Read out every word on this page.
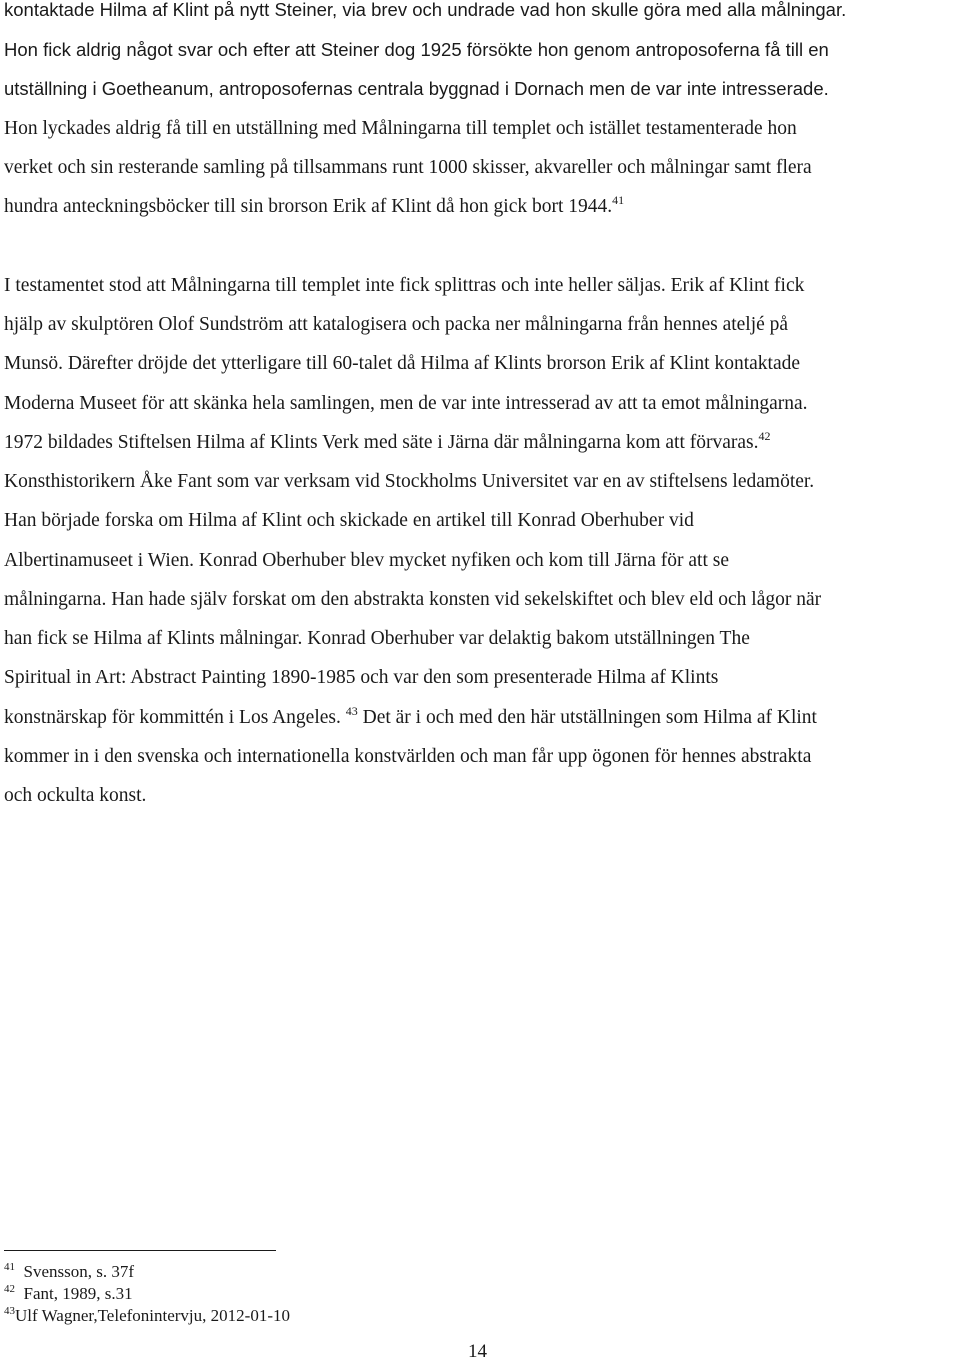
kontaktade Hilma af Klint på nytt Steiner, via brev och undrade vad hon skulle göra med alla målningar.
Hon fick aldrig något svar och efter att Steiner dog 1925 försökte hon genom antroposoferna få till en
utställning i Goetheanum, antroposofernas centrala byggnad i Dornach men de var inte intresserade.
Hon lyckades aldrig få till en utställning med Målningarna till templet och istället testamenterade hon
verket och sin resterande samling på tillsammans runt 1000 skisser, akvareller och målningar samt flera
hundra anteckningsböcker till sin brorson Erik af Klint då hon gick bort 1944.41
I testamentet stod att Målningarna till templet inte fick splittras och inte heller säljas. Erik af Klint fick
hjälp av skulptören Olof Sundström att katalogisera och packa ner målningarna från hennes ateljé på
Munsö. Därefter dröjde det ytterligare till 60-talet då Hilma af Klints brorson Erik af Klint kontaktade
Moderna Museet för att skänka hela samlingen, men de var inte intresserad av att ta emot målningarna.
1972 bildades Stiftelsen Hilma af Klints Verk med säte i Järna där målningarna kom att förvaras.$^{42}$
Konsthistorikern Åke Fant som var verksam vid Stockholms Universitet var en av stiftelsens ledamöter.
Han började forska om Hilma af Klint och skickade en artikel till Konrad Oberhuber vid
Albertinamuseet i Wien. Konrad Oberhuber blev mycket nyfiken och kom till Järna för att se
målningarna. Han hade själv forskat om den abstrakta konsten vid sekelskiftet och blev eld och lågor när
han fick se Hilma af Klints målningar. Konrad Oberhuber var delaktig bakom utställningen The
Spiritual in Art: Abstract Painting 1890-1985 och var den som presenterade Hilma af Klints
konstnärskap för kommittén i Los Angeles. $^{43}$ Det är i och med den här utställningen som Hilma af Klint
kommer in i den svenska och internationella konstvärlden och man får upp ögonen för hennes abstrakta
och ockulta konst.
$^{41}$ Svensson, s. 37f
$^{42}$ Fant, 1989, s.31
$^{43}$Ulf Wagner,Telefonintervju, 2012-01-10
14
